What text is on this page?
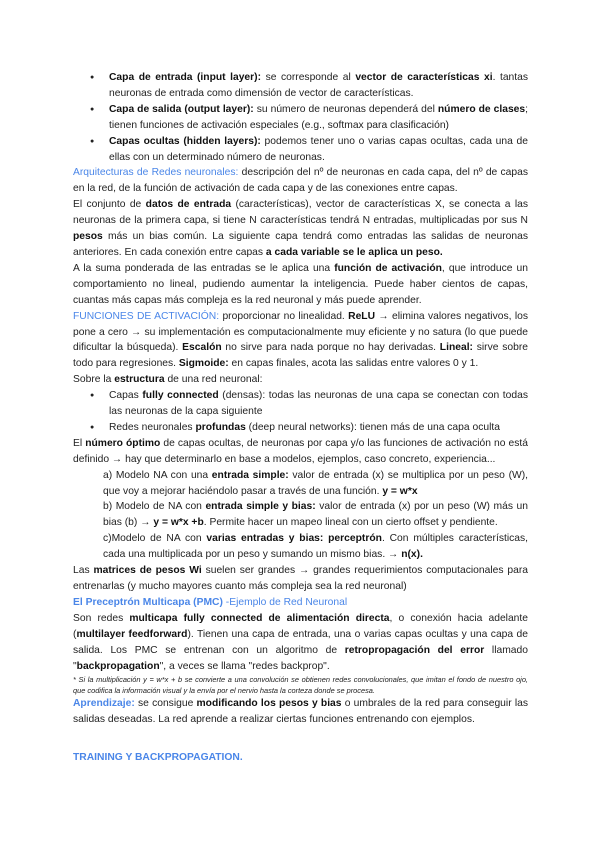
● Capa de entrada (input layer): se corresponde al vector de características xi. tantas neuronas de entrada como dimensión de vector de características.
● Capa de salida (output layer): su número de neuronas dependerá del número de clases; tienen funciones de activación especiales (e.g., softmax para clasificación)
● Capas ocultas (hidden layers): podemos tener uno o varias capas ocultas, cada una de ellas con un determinado número de neuronas.

Arquitecturas de Redes neuronales: descripción del nº de neuronas en cada capa, del nº de capas en la red, de la función de activación de cada capa y de las conexiones entre capas.

El conjunto de datos de entrada (características), vector de características X, se conecta a las neuronas de la primera capa, si tiene N características tendrá N entradas, multiplicadas por sus N pesos más un bias común. La siguiente capa tendrá como entradas las salidas de neuronas anteriores. En cada conexión entre capas a cada variable se le aplica un peso.

A la suma ponderada de las entradas se le aplica una función de activación, que introduce un comportamiento no lineal, pudiendo aumentar la inteligencia. Puede haber cientos de capas, cuantas más capas más compleja es la red neuronal y más puede aprender.

FUNCIONES DE ACTIVACIÓN: proporcionar no linealidad. ReLU → elimina valores negativos, los pone a cero → su implementación es computacionalmente muy eficiente y no satura (lo que puede dificultar la búsqueda). Escalón no sirve para nada porque no hay derivadas. Lineal: sirve sobre todo para regresiones. Sigmoide: en capas finales, acota las salidas entre valores 0 y 1.

Sobre la estructura de una red neuronal:

● Capas fully connected (densas): todas las neuronas de una capa se conectan con todas las neuronas de la capa siguiente
● Redes neuronales profundas (deep neural networks): tienen más de una capa oculta

El número óptimo de capas ocultas, de neuronas por capa y/o las funciones de activación no está definido → hay que determinarlo en base a modelos, ejemplos, caso concreto, experiencia...

a) Modelo NA con una entrada simple: valor de entrada (x) se multiplica por un peso (W), que voy a mejorar haciéndolo pasar a través de una función. y = w*x

b) Modelo de NA con entrada simple y bias: valor de entrada (x) por un peso (W) más un bias (b) → y = w*x +b. Permite hacer un mapeo lineal con un cierto offset y pendiente.

c)Modelo de NA con varias entradas y bias: perceptrón. Con múltiples características, cada una multiplicada por un peso y sumando un mismo bias. → n(x).

Las matrices de pesos Wi suelen ser grandes → grandes requerimientos computacionales para entrenarlas (y mucho mayores cuanto más compleja sea la red neuronal)

El Preceptrón Multicapa (PMC) -Ejemplo de Red Neuronal

Son redes multicapa fully connected de alimentación directa, o conexión hacia adelante (multilayer feedforward). Tienen una capa de entrada, una o varias capas ocultas y una capa de salida. Los PMC se entrenan con un algoritmo de retropropagación del error llamado "backpropagation", a veces se llama "redes backprop".

* Si la multiplicación y = w*x + b se convierte a una convolución se obtienen redes convolucionales, que imitan el fondo de nuestro ojo, que codifica la información visual y la envía por el nervio hasta la corteza donde se procesa.

Aprendizaje: se consigue modificando los pesos y bias o umbrales de la red para conseguir las salidas deseadas. La red aprende a realizar ciertas funciones entrenando con ejemplos.

TRAINING Y BACKPROPAGATION.
